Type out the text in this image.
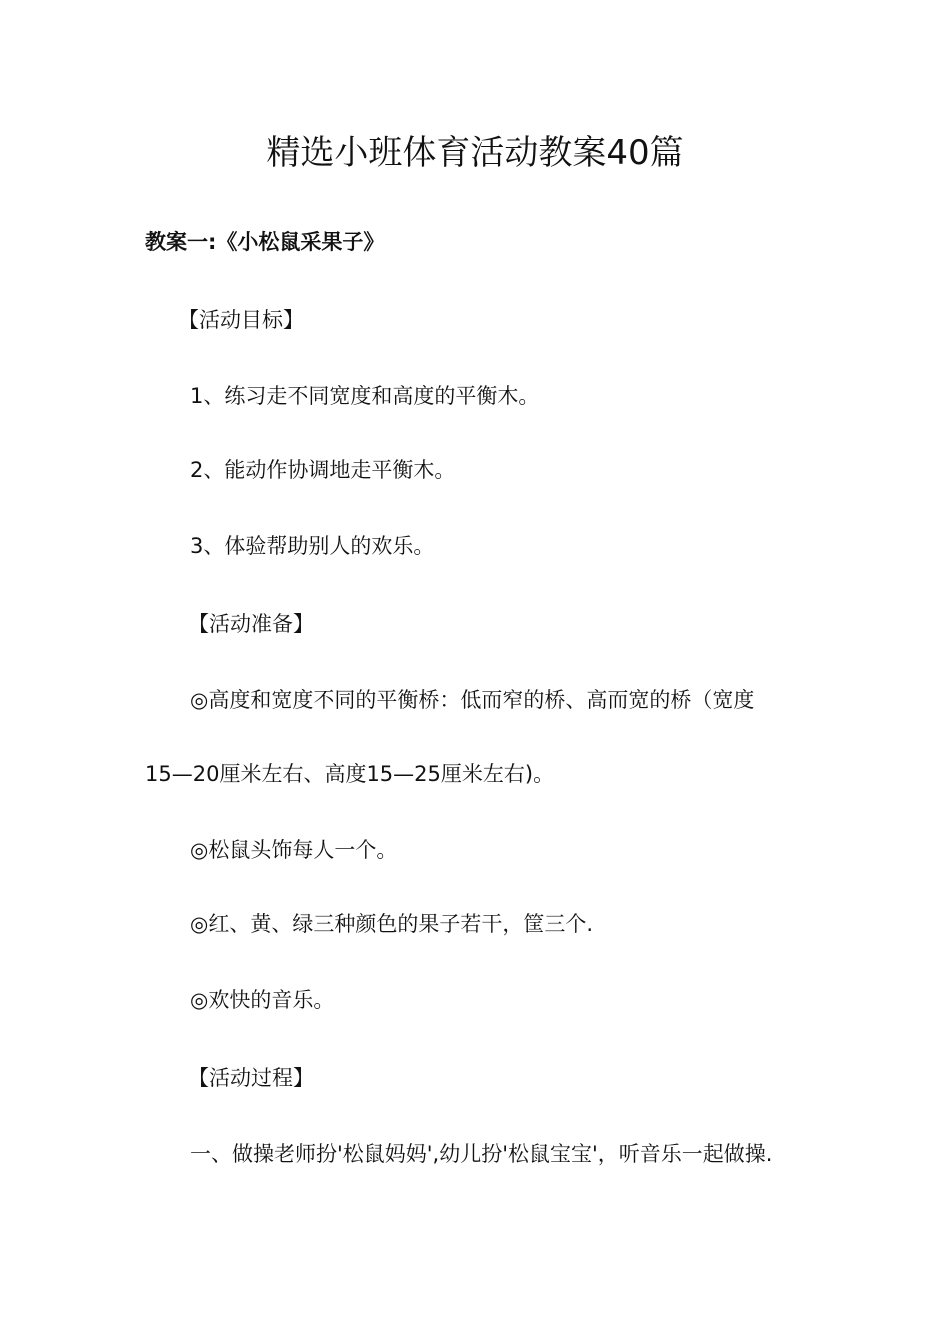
精选小班体育活动教案40篇
教案一:《小松鼠采果子》
【活动目标】
1、练习走不同宽度和高度的平衡木。
2、能动作协调地走平衡木。
3、体验帮助别人的欢乐。
【活动准备】
◎高度和宽度不同的平衡桥：低而窄的桥、高而宽的桥（宽度
15—20厘米左右、高度15—25厘米左右)。
◎松鼠头饰每人一个。
◎红、黄、绿三种颜色的果子若干，筐三个.
◎欢快的音乐。
【活动过程】
一、做操老师扮'松鼠妈妈',幼儿扮'松鼠宝宝'，听音乐一起做操.
